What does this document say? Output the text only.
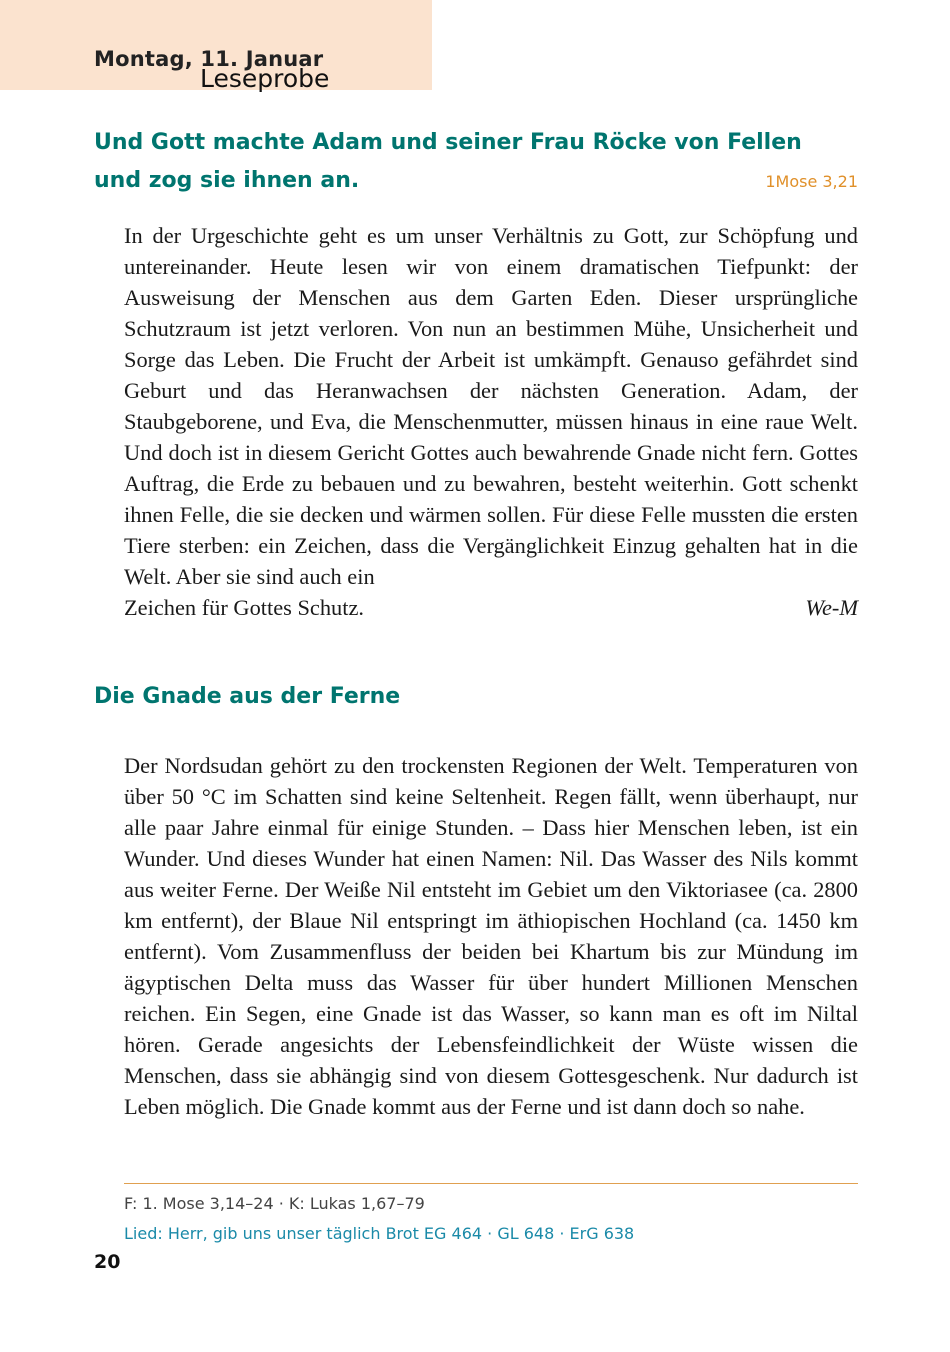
Montag, 11. Januar

Leseprobe

Und Gott machte Adam und seiner Frau Röcke von Fellen
und zog sie ihnen an.	1Mose 3,21
In der Urgeschichte geht es um unser Verhältnis zu Gott, zur Schöpfung und untereinander. Heute lesen wir von einem dramatischen Tiefpunkt: der Ausweisung der Menschen aus dem Garten Eden. Dieser ursprüngliche Schutzraum ist jetzt verloren. Von nun an bestimmen Mühe, Unsicherheit und Sorge das Leben. Die Frucht der Arbeit ist umkämpft. Genauso gefährdet sind Geburt und das Heranwachsen der nächsten Generation. Adam, der Staubgeborene, und Eva, die Menschenmutter, müssen hinaus in eine raue Welt. Und doch ist in diesem Gericht Gottes auch bewahrende Gnade nicht fern. Gottes Auftrag, die Erde zu bebauen und zu bewahren, besteht weiterhin. Gott schenkt ihnen Felle, die sie decken und wärmen sollen. Für diese Felle mussten die ersten Tiere sterben: ein Zeichen, dass die Vergänglichkeit Einzug gehalten hat in die Welt. Aber sie sind auch ein
Zeichen für Gottes Schutz.	We-M
Die Gnade aus der Ferne

Der Nordsudan gehört zu den trockensten Regionen der Welt. Temperaturen von über 50 °C im Schatten sind keine Seltenheit. Regen fällt, wenn überhaupt, nur alle paar Jahre einmal für einige Stunden. – Dass hier Menschen leben, ist ein Wunder. Und dieses Wunder hat einen Namen: Nil. Das Wasser des Nils kommt aus weiter Ferne. Der Weiße Nil entsteht im Gebiet um den Viktoriasee (ca. 2800 km entfernt), der Blaue Nil entspringt im äthiopischen Hochland (ca. 1450 km entfernt). Vom Zusammenfluss der beiden bei Khartum bis zur Mündung im ägyptischen Delta muss das Wasser für über hundert Millionen Menschen reichen. Ein Segen, eine Gnade ist das Wasser, so kann man es oft im Niltal hören. Gerade angesichts der Lebensfeindlichkeit der Wüste wissen die Menschen, dass sie abhängig sind von diesem Gottesgeschenk. Nur dadurch ist Leben möglich. Die Gnade kommt aus der Ferne und ist dann doch so nahe.

F: 1. Mose 3,14–24 · K: Lukas 1,67–79

Lied: Herr, gib uns unser täglich Brot EG 464 · GL 648 · ErG 638

20
